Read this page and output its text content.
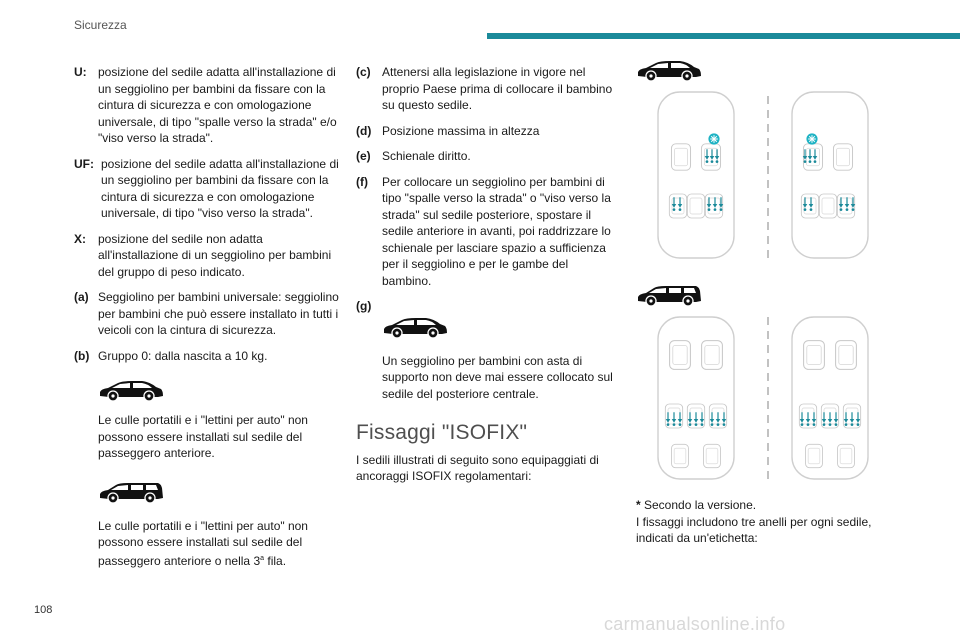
Sicurezza
U: posizione del sedile adatta all'installazione di un seggiolino per bambini da fissare con la cintura di sicurezza e con omologazione universale, di tipo "spalle verso la strada" e/o "viso verso la strada".
UF: posizione del sedile adatta all'installazione di un seggiolino per bambini da fissare con la cintura di sicurezza e con omologazione universale, di tipo "viso verso la strada".
X:	posizione del sedile non adatta all'installazione di un seggiolino per bambini del gruppo di peso indicato.
(a) Seggiolino per bambini universale: seggiolino per bambini che può essere installato in tutti i veicoli con la cintura di sicurezza.
(b) Gruppo 0: dalla nascita a 10 kg.
Le culle portatili e i "lettini per auto" non possono essere installati sul sedile del passeggero anteriore.
Le culle portatili e i "lettini per auto" non possono essere installati sul sedile del passeggero anteriore o nella 3$^a$ fila.
(c) Attenersi alla legislazione in vigore nel proprio Paese prima di collocare il bambino su questo sedile.
(d) Posizione massima in altezza
(e) Schienale diritto.
(f)	Per collocare un seggiolino per bambini di tipo "spalle verso la strada" o "viso verso la strada" sul sedile posteriore, spostare il sedile anteriore in avanti, poi raddrizzare lo schienale per lasciare spazio a sufficienza per il seggiolino e per le gambe del bambino.
(g)
Un seggiolino per bambini con asta di supporto non deve mai essere collocato sul sedile del posteriore centrale.
Fissaggi "ISOFIX"
I sedili illustrati di seguito sono equipaggiati di ancoraggi ISOFIX regolamentari:
* Secondo la versione.
I fissaggi includono tre anelli per ogni sedile, indicati da un'etichetta:
108
carmanualsonline.info
